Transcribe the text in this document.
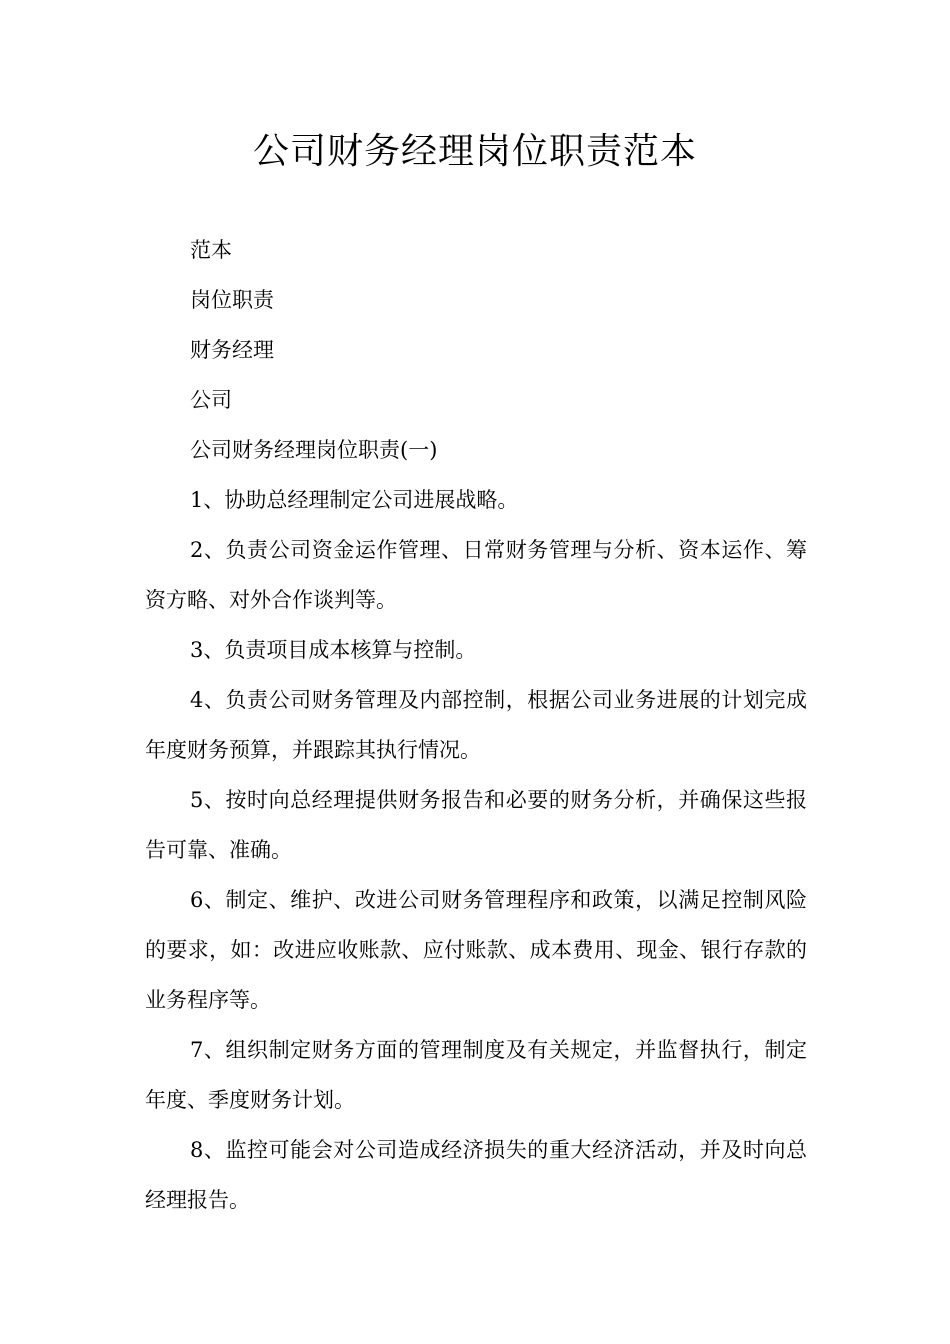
公司财务经理岗位职责范本

范本

岗位职责

财务经理

公司

公司财务经理岗位职责(一)

1、协助总经理制定公司进展战略。

2、负责公司资金运作管理、日常财务管理与分析、资本运作、筹资方略、对外合作谈判等。

3、负责项目成本核算与控制。

4、负责公司财务管理及内部控制，根据公司业务进展的计划完成年度财务预算，并跟踪其执行情况。

5、按时向总经理提供财务报告和必要的财务分析，并确保这些报告可靠、准确。

6、制定、维护、改进公司财务管理程序和政策，以满足控制风险的要求，如：改进应收账款、应付账款、成本费用、现金、银行存款的业务程序等。

7、组织制定财务方面的管理制度及有关规定，并监督执行，制定年度、季度财务计划。

8、监控可能会对公司造成经济损失的重大经济活动，并及时向总经理报告。
